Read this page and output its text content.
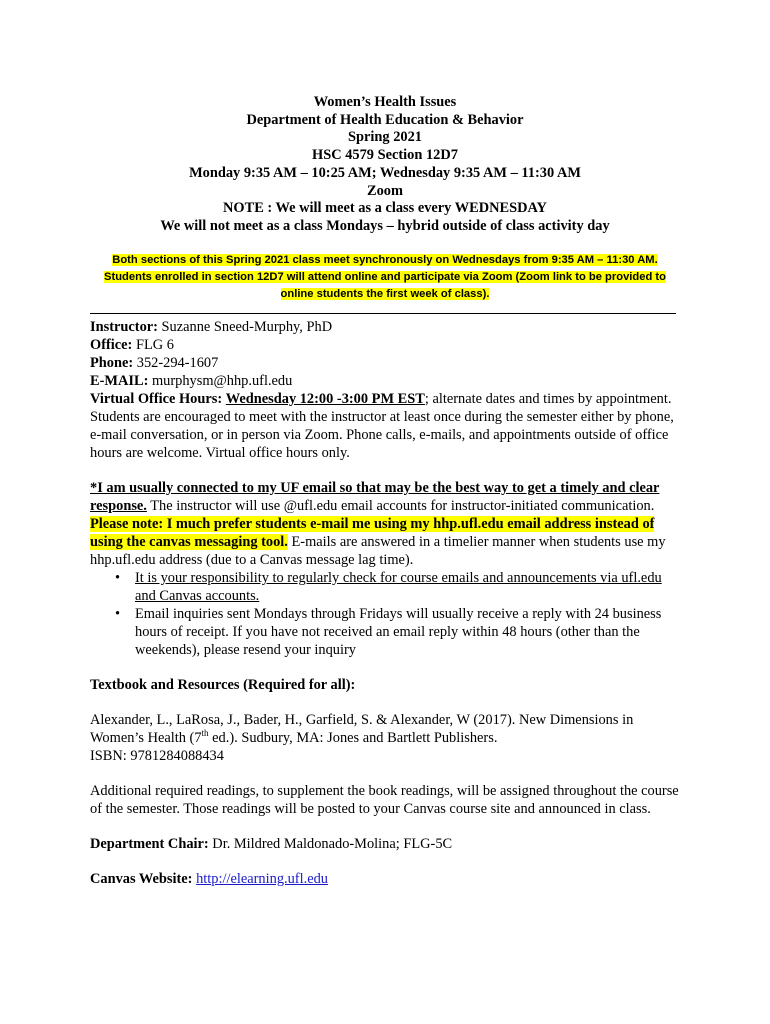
Women’s Health Issues
Department of Health Education & Behavior
Spring 2021
HSC 4579 Section 12D7
Monday 9:35 AM – 10:25 AM; Wednesday 9:35 AM – 11:30 AM
Zoom
NOTE : We will meet as a class every WEDNESDAY
We will not meet as a class Mondays – hybrid outside of class activity day
Both sections of this Spring 2021 class meet synchronously on Wednesdays from 9:35 AM – 11:30 AM.
Students enrolled in section 12D7 will attend online and participate via Zoom (Zoom link to be provided to
online students the first week of class).

Instructor: Suzanne Sneed-Murphy, PhD

Office: FLG 6

Phone: 352-294-1607

E-MAIL: murphysm@hhp.ufl.edu

Virtual Office Hours: Wednesday 12:00 -3:00 PM EST; alternate dates and times by appointment. Students are encouraged to meet with the instructor at least once during the semester either by phone, e-mail conversation, or in person via Zoom. Phone calls, e-mails, and appointments outside of office hours are welcome. Virtual office hours only.

*I am usually connected to my UF email so that may be the best way to get a timely and clear response. The instructor will use @ufl.edu email accounts for instructor-initiated communication. Please note: I much prefer students e-mail me using my hhp.ufl.edu email address instead of using the canvas messaging tool. E-mails are answered in a timelier manner when students use my hhp.ufl.edu address (due to a Canvas message lag time).

• It is your responsibility to regularly check for course emails and announcements via ufl.edu and Canvas accounts.
• Email inquiries sent Mondays through Fridays will usually receive a reply with 24 business hours of receipt. If you have not received an email reply within 48 hours (other than the weekends), please resend your inquiry

Textbook and Resources (Required for all):

Alexander, L., LaRosa, J., Bader, H., Garfield, S. & Alexander, W (2017). New Dimensions in Women’s Health (7th ed.). Sudbury, MA: Jones and Bartlett Publishers.

ISBN: 9781284088434

Additional required readings, to supplement the book readings, will be assigned throughout the course of the semester. Those readings will be posted to your Canvas course site and announced in class.

Department Chair: Dr. Mildred Maldonado-Molina; FLG-5C

Canvas Website: http://elearning.ufl.edu
